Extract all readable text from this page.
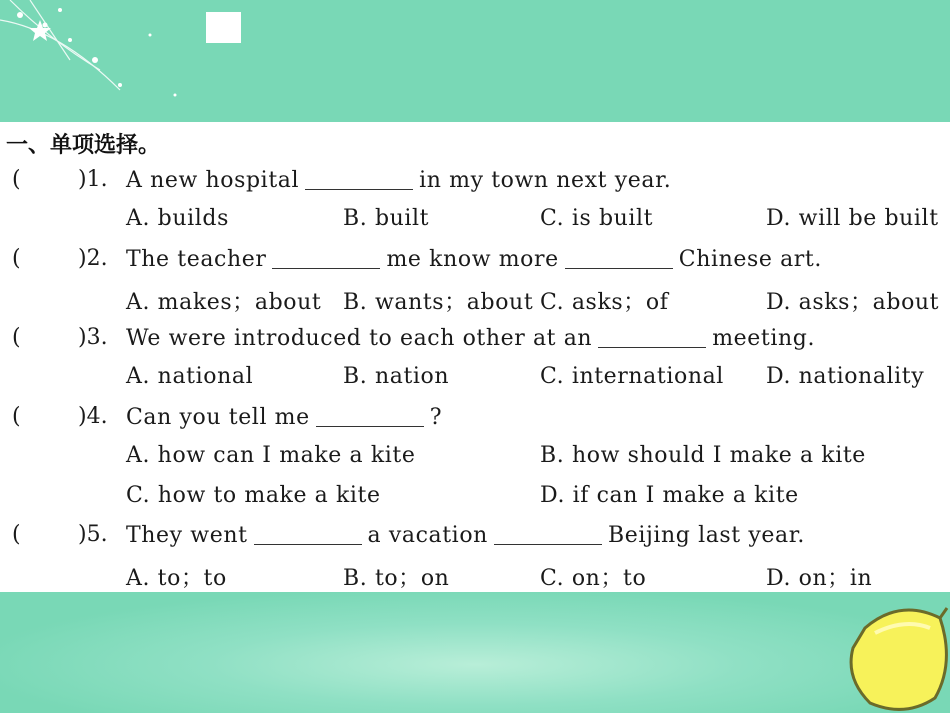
一、单项选择。
(	)1. A new hospital	in my town next year.
A. builds	B. built	C. is built	D. will be built
(	)2. The teacher	me know more	Chinese art.
A. makes；about B. wants；about C. asks；of	D. asks；about
(	)3. We were introduced to each other at an	meeting.
A. national	B. nation	C. international D. nationality
(	)4. Can you tell me	?
A. how can I make a kite	B. how should I make a kite
C. how to make a kite	D. if can I make a kite
(	)5. They went	a vacation	Beijing last year.
A. to；to	B. to；on	C. on；to	D. on；in
